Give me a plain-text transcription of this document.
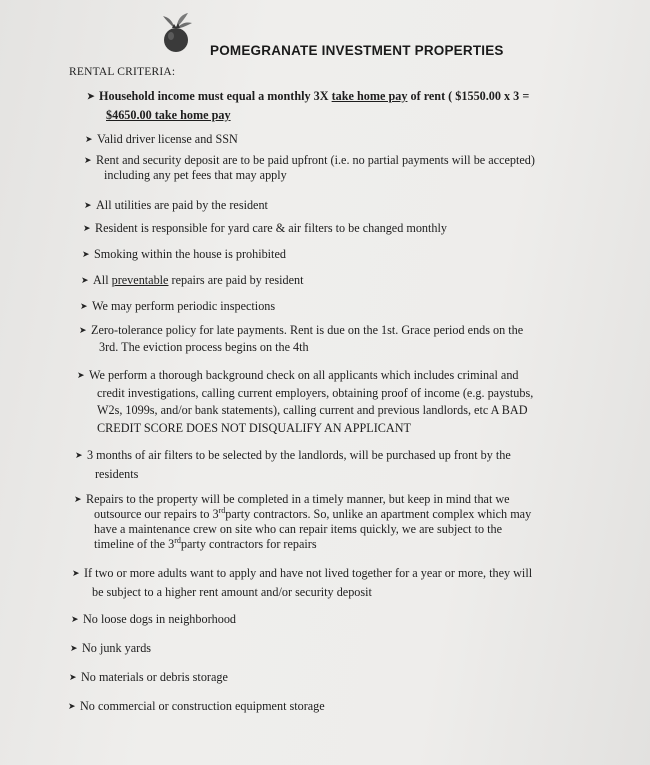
POMEGRANATE INVESTMENT PROPERTIES
RENTAL CRITERIA:
➤ Household income must equal a monthly 3X take home pay of rent ( $1550.00 x 3 =
$4650.00 take home pay
➤ Valid driver license and SSN
➤ Rent and security deposit are to be paid upfront (i.e. no partial payments will be accepted)
including any pet fees that may apply
➤ All utilities are paid by the resident
➤ Resident is responsible for yard care & air filters to be changed monthly
➤ Smoking within the house is prohibited
➤ All preventable repairs are paid by resident
➤ We may perform periodic inspections
➤ Zero-tolerance policy for late payments. Rent is due on the 1st. Grace period ends on the
3rd. The eviction process begins on the 4th
➤ We perform a thorough background check on all applicants which includes criminal and
credit investigations, calling current employers, obtaining proof of income (e.g. paystubs,
W2s, 1099s, and/or bank statements), calling current and previous landlords, etc A BAD
CREDIT SCORE DOES NOT DISQUALIFY AN APPLICANT
➤ 3 months of air filters to be selected by the landlords, will be purchased up front by the
residents
➤ Repairs to the property will be completed in a timely manner, but keep in mind that we
outsource our repairs to 3rdparty contractors. So, unlike an apartment complex which may
have a maintenance crew on site who can repair items quickly, we are subject to the
timeline of the 3rdparty contractors for repairs
➤ If two or more adults want to apply and have not lived together for a year or more, they will
be subject to a higher rent amount and/or security deposit
➤ No loose dogs in neighborhood
➤ No junk yards
➤ No materials or debris storage
➤ No commercial or construction equipment storage
